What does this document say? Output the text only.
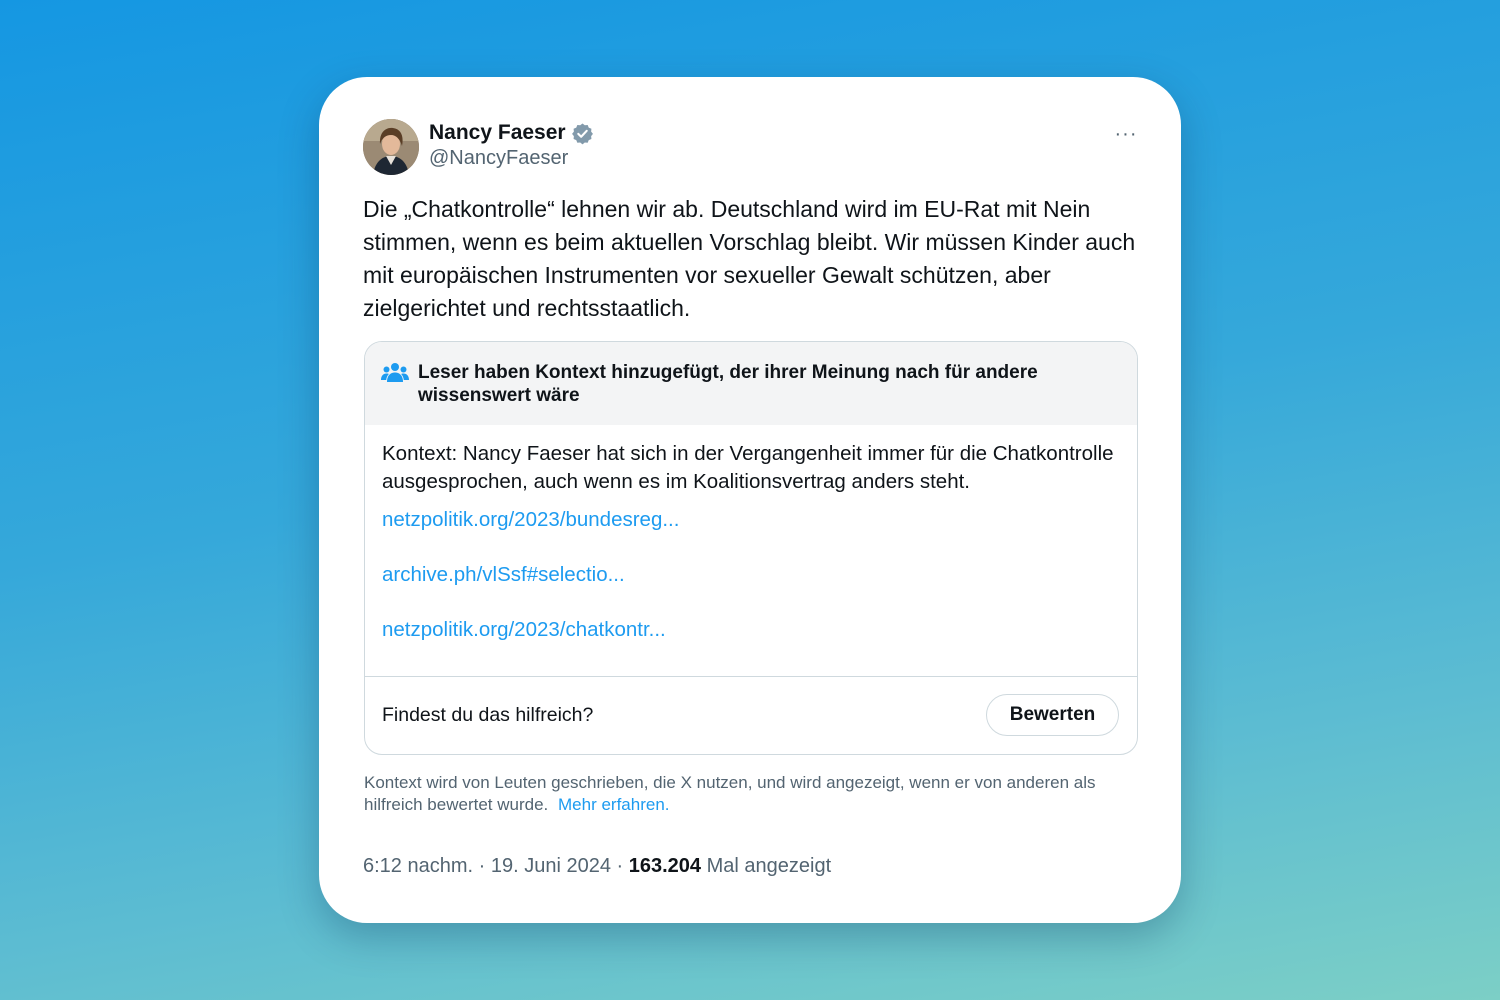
Nancy Faeser
@NancyFaeser
···

Die „Chatkontrolle“ lehnen wir ab. Deutschland wird im EU-Rat mit Nein stimmen, wenn es beim aktuellen Vorschlag bleibt. Wir müssen Kinder auch mit europäischen Instrumenten vor sexueller Gewalt schützen, aber zielgerichtet und rechtsstaatlich.

Leser haben Kontext hinzugefügt, der ihrer Meinung nach für andere wissenswert wäre
Kontext: Nancy Faeser hat sich in der Vergangenheit immer für die Chatkontrolle ausgesprochen, auch wenn es im Koalitionsvertrag anders steht.
netzpolitik.org/2023/bundesreg...
archive.ph/vlSsf#selectio...
netzpolitik.org/2023/chatkontr...
Findest du das hilfreich?	Bewerten
Kontext wird von Leuten geschrieben, die X nutzen, und wird angezeigt, wenn er von anderen als hilfreich bewertet wurde. Mehr erfahren.
6:12 nachm. · 19. Juni 2024 · 163.204 Mal angezeigt
